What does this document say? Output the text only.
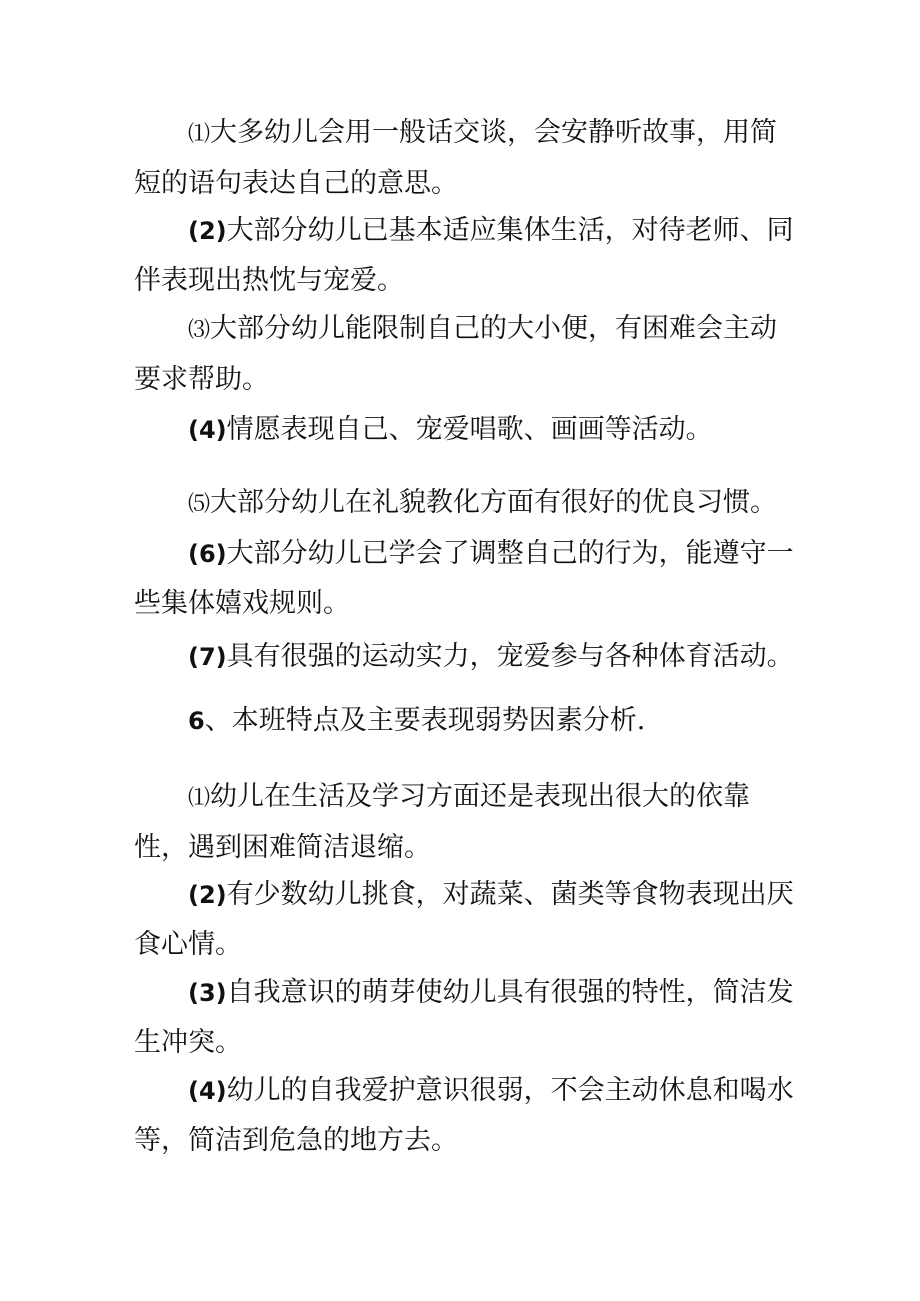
⑴大多幼儿会用一般话交谈，会安静听故事，用简短的语句表达自己的意思。

(2)大部分幼儿已基本适应集体生活，对待老师、同伴表现出热忱与宠爱。

⑶大部分幼儿能限制自己的大小便，有困难会主动要求帮助。

(4)情愿表现自己、宠爱唱歌、画画等活动。

⑸大部分幼儿在礼貌教化方面有很好的优良习惯。

(6)大部分幼儿已学会了调整自己的行为，能遵守一些集体嬉戏规则。

(7)具有很强的运动实力，宠爱参与各种体育活动。

6、本班特点及主要表现弱势因素分析.

⑴幼儿在生活及学习方面还是表现出很大的依靠
性，遇到困难简洁退缩。

(2)有少数幼儿挑食，对蔬菜、菌类等食物表现出厌食心情。

(3)自我意识的萌芽使幼儿具有很强的特性，简洁发生冲突。

(4)幼儿的自我爱护意识很弱，不会主动休息和喝水等，简洁到危急的地方去。
